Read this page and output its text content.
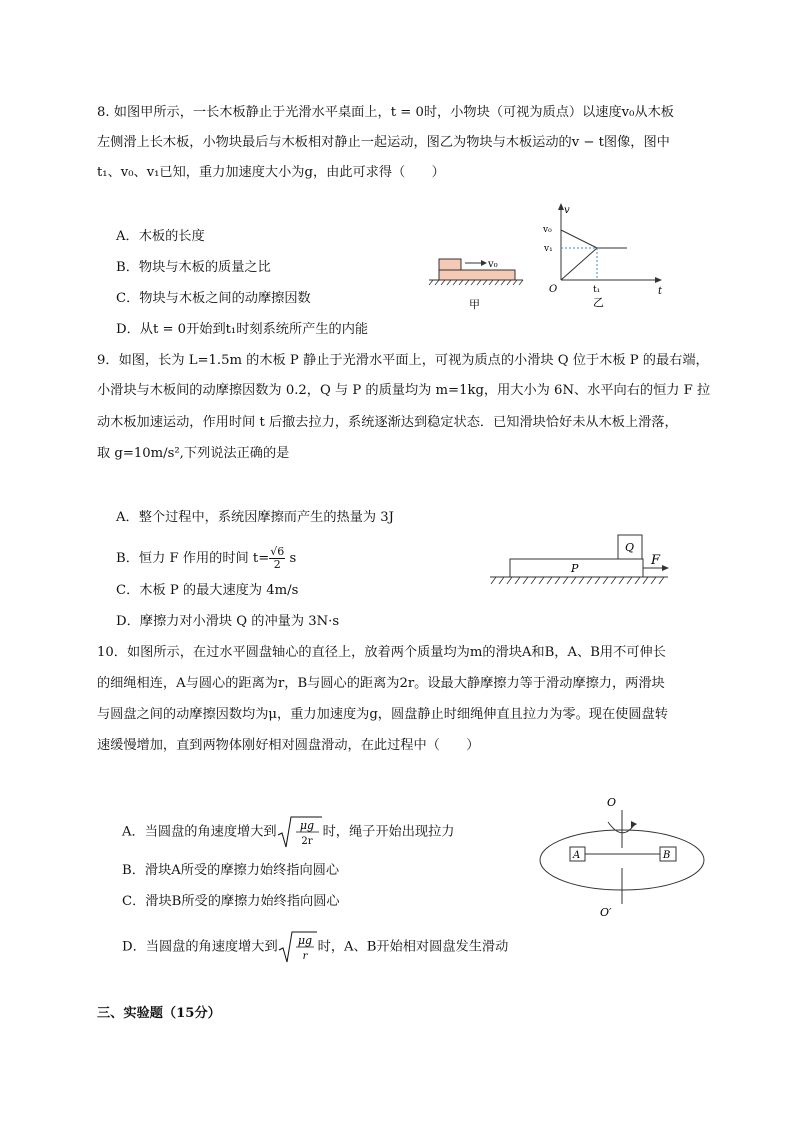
8. 如图甲所示，一长木板静止于光滑水平桌面上，t = 0时，小物块（可视为质点）以速度v₀从木板
左侧滑上长木板，小物块最后与木板相对静止一起运动，图乙为物块与木板运动的v − t图像，图中
t₁、v₀、v₁已知，重力加速度大小为g，由此可求得（　　）
A．木板的长度
B．物块与木板的质量之比
C．物块与木板之间的动摩擦因数
D．从t = 0开始到t₁时刻系统所产生的内能
v₀
甲
v
t
v₀
v₁
t₁
O
乙
9．如图，长为 L=1.5m 的木板 P 静止于光滑水平面上，可视为质点的小滑块 Q 位于木板 P 的最右端，
小滑块与木板间的动摩擦因数为 0.2，Q 与 P 的质量均为 m=1kg，用大小为 6N、水平向右的恒力 F 拉
动木板加速运动，作用时间 t 后撤去拉力，系统逐渐达到稳定状态．已知滑块恰好未从木板上滑落，
取 g=10m/s²,下列说法正确的是
A．整个过程中，系统因摩擦而产生的热量为 3J
B．恒力 F 作用的时间 $t= \frac{√6}{2}$ s
C．木板 P 的最大速度为 4m/s
D．摩擦力对小滑块 Q 的冲量为 3N·s
Q
P
F
10．如图所示，在过水平圆盘轴心的直径上，放着两个质量均为m的滑块A和B，A、B用不可伸长
的细绳相连，A与圆心的距离为r，B与圆心的距离为2r。设最大静摩擦力等于滑动摩擦力，两滑块
与圆盘之间的动摩擦因数均为μ，重力加速度为g，圆盘静止时细绳伸直且拉力为零。现在使圆盘转
速缓慢增加，直到两物体刚好相对圆盘滑动，在此过程中（　　）
A．当圆盘的角速度增大到 μg
2r
时，绳子开始出现拉力
B．滑块A所受的摩擦力始终指向圆心
C．滑块B所受的摩擦力始终指向圆心
D．当圆盘的角速度增大到 μg
r
时，A、B开始相对圆盘发生滑动
O
O′
A	B
三、实验题（15分）
